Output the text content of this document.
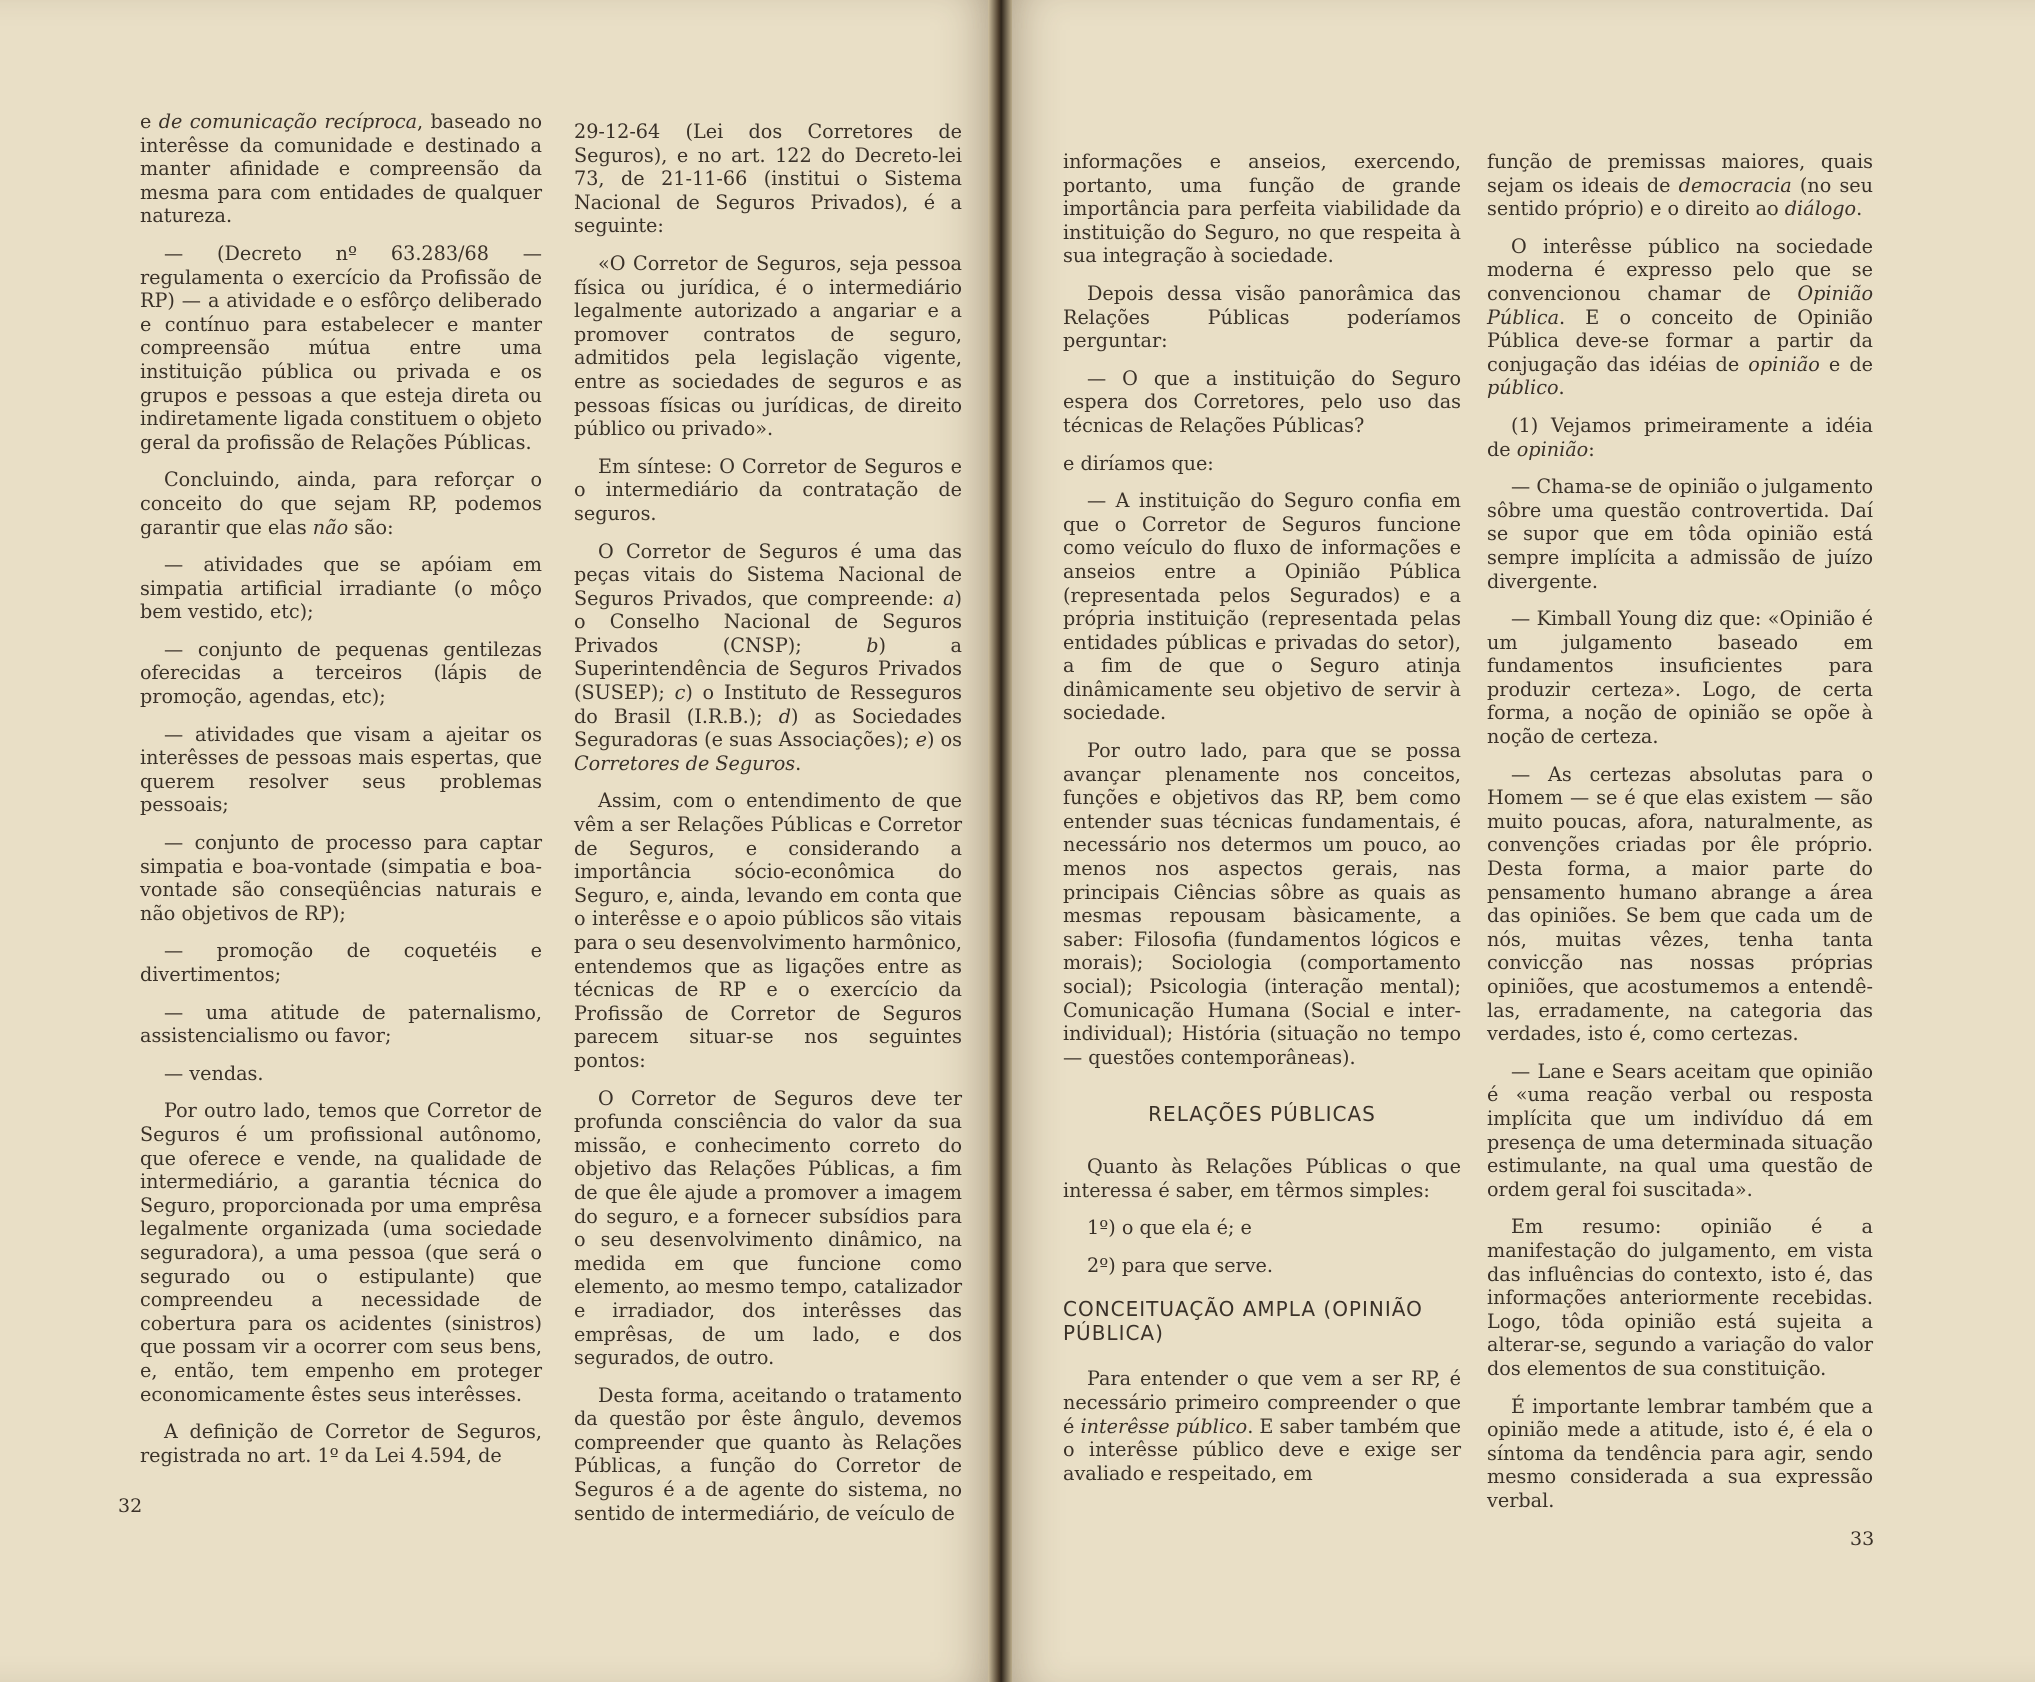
e de comunicação recíproca, baseado no interêsse da comunidade e destinado a manter afinidade e compreensão da mesma para com entidades de qualquer natureza.

— (Decreto nº 63.283/68 — regulamenta o exercício da Profissão de RP) — a atividade e o esfôrço deliberado e contínuo para estabelecer e manter compreensão mútua entre uma instituição pública ou privada e os grupos e pessoas a que esteja direta ou indiretamente ligada constituem o objeto geral da profissão de Relações Públicas.

Concluindo, ainda, para reforçar o conceito do que sejam RP, podemos garantir que elas não são:

— atividades que se apóiam em simpatia artificial irradiante (o môço bem vestido, etc);

— conjunto de pequenas gentilezas oferecidas a terceiros (lápis de promoção, agendas, etc);

— atividades que visam a ajeitar os interêsses de pessoas mais espertas, que querem resolver seus problemas pessoais;

— conjunto de processo para captar simpatia e boa-vontade (simpatia e boa-vontade são conseqüências naturais e não objetivos de RP);

— promoção de coquetéis e divertimentos;

— uma atitude de paternalismo, assistencialismo ou favor;

— vendas.

Por outro lado, temos que Corretor de Seguros é um profissional autônomo, que oferece e vende, na qualidade de intermediário, a garantia técnica do Seguro, proporcionada por uma emprêsa legalmente organizada (uma sociedade seguradora), a uma pessoa (que será o segurado ou o estipulante) que compreendeu a necessidade de cobertura para os acidentes (sinistros) que possam vir a ocorrer com seus bens, e, então, tem empenho em proteger economicamente êstes seus interêsses.

A definição de Corretor de Seguros, registrada no art. 1º da Lei 4.594, de

29-12-64 (Lei dos Corretores de Seguros), e no art. 122 do Decreto-lei 73, de 21-11-66 (institui o Sistema Nacional de Seguros Privados), é a seguinte:

«O Corretor de Seguros, seja pessoa física ou jurídica, é o intermediário legalmente autorizado a angariar e a promover contratos de seguro, admitidos pela legislação vigente, entre as sociedades de seguros e as pessoas físicas ou jurídicas, de direito público ou privado».

Em síntese: O Corretor de Seguros e o intermediário da contratação de seguros.

O Corretor de Seguros é uma das peças vitais do Sistema Nacional de Seguros Privados, que compreende: a) o Conselho Nacional de Seguros Privados (CNSP); b) a Superintendência de Seguros Privados (SUSEP); c) o Instituto de Resseguros do Brasil (I.R.B.); d) as Sociedades Seguradoras (e suas Associações); e) os Corretores de Seguros.

Assim, com o entendimento de que vêm a ser Relações Públicas e Corretor de Seguros, e considerando a importância sócio-econômica do Seguro, e, ainda, levando em conta que o interêsse e o apoio públicos são vitais para o seu desenvolvimento harmônico, entendemos que as ligações entre as técnicas de RP e o exercício da Profissão de Corretor de Seguros parecem situar-se nos seguintes pontos:

O Corretor de Seguros deve ter profunda consciência do valor da sua missão, e conhecimento correto do objetivo das Relações Públicas, a fim de que êle ajude a promover a imagem do seguro, e a fornecer subsídios para o seu desenvolvimento dinâmico, na medida em que funcione como elemento, ao mesmo tempo, catalizador e irradiador, dos interêsses das emprêsas, de um lado, e dos segurados, de outro.

Desta forma, aceitando o tratamento da questão por êste ângulo, devemos compreender que quanto às Relações Públicas, a função do Corretor de Seguros é a de agente do sistema, no sentido de intermediário, de veículo de

32

informações e anseios, exercendo, portanto, uma função de grande importância para perfeita viabilidade da instituição do Seguro, no que respeita à sua integração à sociedade.

Depois dessa visão panorâmica das Relações Públicas poderíamos perguntar:

— O que a instituição do Seguro espera dos Corretores, pelo uso das técnicas de Relações Públicas?

e diríamos que:

— A instituição do Seguro confia em que o Corretor de Seguros funcione como veículo do fluxo de informações e anseios entre a Opinião Pública (representada pelos Segurados) e a própria instituição (representada pelas entidades públicas e privadas do setor), a fim de que o Seguro atinja dinâmicamente seu objetivo de servir à sociedade.

Por outro lado, para que se possa avançar plenamente nos conceitos, funções e objetivos das RP, bem como entender suas técnicas fundamentais, é necessário nos determos um pouco, ao menos nos aspectos gerais, nas principais Ciências sôbre as quais as mesmas repousam bàsicamente, a saber: Filosofia (fundamentos lógicos e morais); Sociologia (comportamento social); Psicologia (interação mental); Comunicação Humana (Social e inter-individual); História (situação no tempo — questões contemporâneas).

RELAÇÕES PÚBLICAS

Quanto às Relações Públicas o que interessa é saber, em têrmos simples:

1º) o que ela é; e

2º) para que serve.

CONCEITUAÇÃO AMPLA (OPINIÃO PÚBLICA)

Para entender o que vem a ser RP, é necessário primeiro compreender o que é interêsse público. E saber também que o interêsse público deve e exige ser avaliado e respeitado, em

função de premissas maiores, quais sejam os ideais de democracia (no seu sentido próprio) e o direito ao diálogo.

O interêsse público na sociedade moderna é expresso pelo que se convencionou chamar de Opinião Pública. E o conceito de Opinião Pública deve-se formar a partir da conjugação das idéias de opinião e de público.

(1) Vejamos primeiramente a idéia de opinião:

— Chama-se de opinião o julgamento sôbre uma questão controvertida. Daí se supor que em tôda opinião está sempre implícita a admissão de juízo divergente.

— Kimball Young diz que: «Opinião é um julgamento baseado em fundamentos insuficientes para produzir certeza». Logo, de certa forma, a noção de opinião se opõe à noção de certeza.

— As certezas absolutas para o Homem — se é que elas existem — são muito poucas, afora, naturalmente, as convenções criadas por êle próprio. Desta forma, a maior parte do pensamento humano abrange a área das opiniões. Se bem que cada um de nós, muitas vêzes, tenha tanta convicção nas nossas próprias opiniões, que acostumemos a entendê-las, erradamente, na categoria das verdades, isto é, como certezas.

— Lane e Sears aceitam que opinião é «uma reação verbal ou resposta implícita que um indivíduo dá em presença de uma determinada situação estimulante, na qual uma questão de ordem geral foi suscitada».

Em resumo: opinião é a manifestação do julgamento, em vista das influências do contexto, isto é, das informações anteriormente recebidas. Logo, tôda opinião está sujeita a alterar-se, segundo a variação do valor dos elementos de sua constituição.

É importante lembrar também que a opinião mede a atitude, isto é, é ela o síntoma da tendência para agir, sendo mesmo considerada a sua expressão verbal.

33
